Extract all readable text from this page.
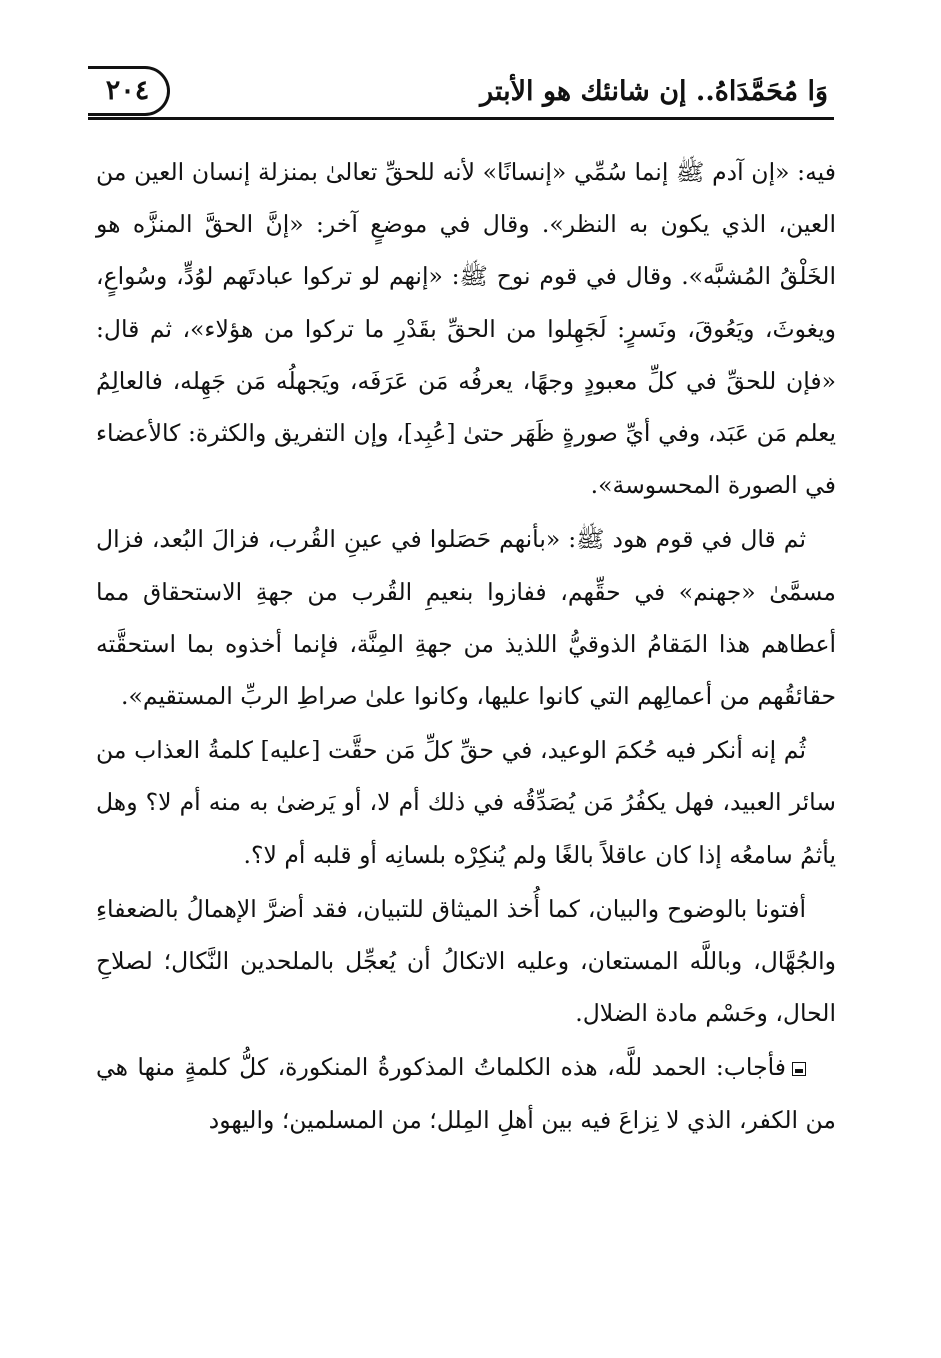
٢٠٤	وَا مُحَمَّدَاهُ.. إن شانئك هو الأبتر

فيه: «إن آدم ﷺ إنما سُمِّي «إنسانًا» لأنه للحقِّ تعالىٰ بمنزلة إنسان العين من العين، الذي يكون به النظر». وقال في موضعٍ آخر: «إنَّ الحقَّ المنزَّه هو الخَلْقُ المُشبَّه». وقال في قوم نوح ﷺ: «إنهم لو تركوا عبادتَهم لوُدٍّ، وسُواعٍ، ويغوثَ، ويَعُوقَ، ونَسرٍ: لَجَهِلوا من الحقِّ بقَدْرِ ما تركوا من هؤلاء»، ثم قال: «فإن للحقِّ في كلِّ معبودٍ وجهًا، يعرفُه مَن عَرَفَه، ويَجهلُه مَن جَهِله، فالعالِمُ يعلم مَن عَبَد، وفي أيِّ صورةٍ ظَهَر حتىٰ [عُبِد]، وإن التفريق والكثرة: كالأعضاء في الصورة المحسوسة».

ثم قال في قوم هود ﷺ: «بأنهم حَصَلوا في عينِ القُرب، فزالَ البُعد، فزال مسمَّىٰ «جهنم» في حقِّهم، ففازوا بنعيمِ القُرب من جهةِ الاستحقاق مما أعطاهم هذا المَقامُ الذوقيُّ اللذيذ من جهةِ المِنَّة، فإنما أخذوه بما استحقَّته حقائقُهم من أعمالِهم التي كانوا عليها، وكانوا علىٰ صراطِ الربِّ المستقيم».

ثُم إنه أنكر فيه حُكمَ الوعيد، في حقِّ كلِّ مَن حقَّت [عليه] كلمةُ العذاب من سائر العبيد، فهل يكفُرُ مَن يُصَدِّقُه في ذلك أم لا، أو يَرضىٰ به منه أم لا؟ وهل يأثمُ سامعُه إذا كان عاقلاً بالغًا ولم يُنكِرْه بلسانِه أو قلبه أم لا؟.

أفتونا بالوضوح والبيان، كما أُخذ الميثاق للتبيان، فقد أضرَّ الإهمالُ بالضعفاءِ والجُهَّال، وباللَّه المستعان، وعليه الاتكالُ أن يُعجِّل بالملحدين النَّكال؛ لصلاحِ الحال، وحَسْم مادة الضلال.

فأجاب: الحمد للَّه، هذه الكلماتُ المذكورةُ المنكورة، كلُّ كلمةٍ منها هي من الكفر، الذي لا نِزاعَ فيه بين أهلِ المِلل؛ من المسلمين؛ واليهود
